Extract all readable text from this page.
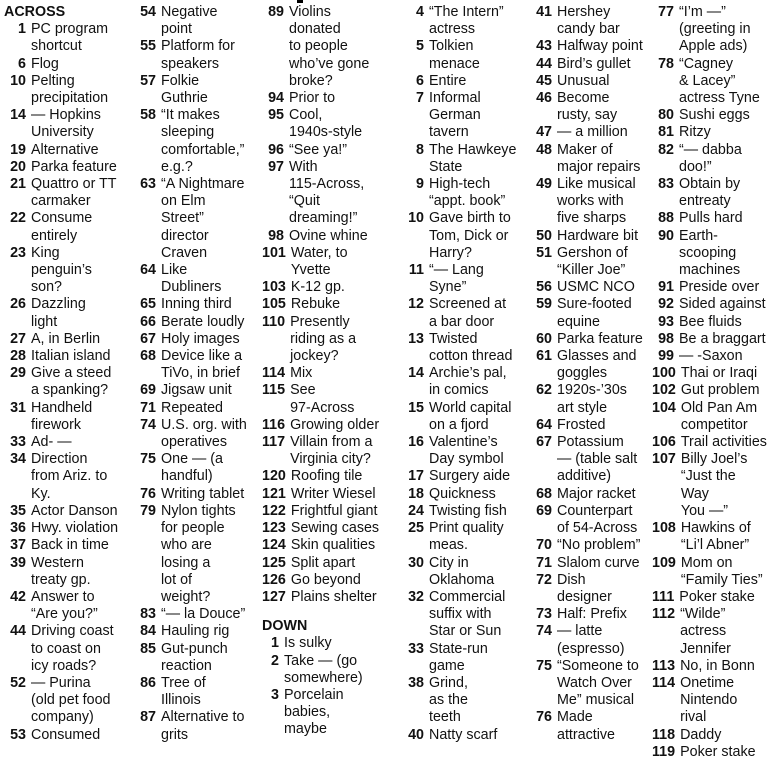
ACROSS
1 PC program
shortcut
6 Flog
10 Pelting
precipitation
14 — Hopkins
University
19 Alternative
20 Parka feature
21 Quattro or TT
carmaker
22 Consume
entirely
23 King
penguin’s
son?
26 Dazzling
light
27 A, in Berlin
28 Italian island
29 Give a steed
a spanking?
31 Handheld
firework
33 Ad- —
34 Direction
from Ariz. to
Ky.
35 Actor Danson
36 Hwy. violation
37 Back in time
39 Western
treaty gp.
42 Answer to
“Are you?”
44 Driving coast
to coast on
icy roads?
52 — Purina
(old pet food
company)
53 Consumed
54 Negative
point
55 Platform for
speakers
57 Folkie
Guthrie
58 “It makes
sleeping
comfortable,”
e.g.?
63 “A Nightmare
on Elm
Street”
director
Craven
64 Like
Dubliners
65 Inning third
66 Berate loudly
67 Holy images
68 Device like a
TiVo, in brief
69 Jigsaw unit
71 Repeated
74 U.S. org. with
operatives
75 One — (a
handful)
76 Writing tablet
79 Nylon tights
for people
who are
losing a
lot of
weight?
83 “— la Douce”
84 Hauling rig
85 Gut-punch
reaction
86 Tree of
Illinois
87 Alternative to
grits
89 Violins
donated
to people
who’ve gone
broke?
94 Prior to
95 Cool,
1940s-style
96 “See ya!”
97 With
115-Across,
“Quit
dreaming!”
98 Ovine whine
101 Water, to
Yvette
103 K-12 gp.
105 Rebuke
110 Presently
riding as a
jockey?
114 Mix
115 See
97-Across
116 Growing older
117 Villain from a
Virginia city?
120 Roofing tile
121 Writer Wiesel
122 Frightful giant
123 Sewing cases
124 Skin qualities
125 Split apart
126 Go beyond
127 Plains shelter
DOWN
1 Is sulky
2 Take — (go
somewhere)
3 Porcelain
babies,
maybe
4 “The Intern”
actress
5 Tolkien
menace
6 Entire
7 Informal
German
tavern
8 The Hawkeye
State
9 High-tech
“appt. book”
10 Gave birth to
Tom, Dick or
Harry?
11 “— Lang
Syne”
12 Screened at
a bar door
13 Twisted
cotton thread
14 Archie’s pal,
in comics
15 World capital
on a fjord
16 Valentine’s
Day symbol
17 Surgery aide
18 Quickness
24 Twisting fish
25 Print quality
meas.
30 City in
Oklahoma
32 Commercial
suffix with
Star or Sun
33 State-run
game
38 Grind,
as the
teeth
40 Natty scarf
41 Hershey
candy bar
43 Halfway point
44 Bird’s gullet
45 Unusual
46 Become
rusty, say
47 — a million
48 Maker of
major repairs
49 Like musical
works with
five sharps
50 Hardware bit
51 Gershon of
“Killer Joe”
56 USMC NCO
59 Sure-footed
equine
60 Parka feature
61 Glasses and
goggles
62 1920s-’30s
art style
64 Frosted
67 Potassium
— (table salt
additive)
68 Major racket
69 Counterpart
of 54-Across
70 “No problem”
71 Slalom curve
72 Dish
designer
73 Half: Prefix
74 — latte
(espresso)
75 “Someone to
Watch Over
Me” musical
76 Made
attractive
77 “I’m —”
(greeting in
Apple ads)
78 “Cagney
& Lacey”
actress Tyne
80 Sushi eggs
81 Ritzy
82 “— dabba
doo!”
83 Obtain by
entreaty
88 Pulls hard
90 Earth-
scooping
machines
91 Preside over
92 Sided against
93 Bee fluids
98 Be a braggart
99 — -Saxon
100 Thai or Iraqi
102 Gut problem
104 Old Pan Am
competitor
106 Trail activities
107 Billy Joel’s
“Just the Way
You —”
108 Hawkins of
“Li’l Abner”
109 Mom on
“Family Ties”
111 Poker stake
112 “Wilde”
actress
Jennifer
113 No, in Bonn
114 Onetime
Nintendo
rival
118 Daddy
119 Poker stake
